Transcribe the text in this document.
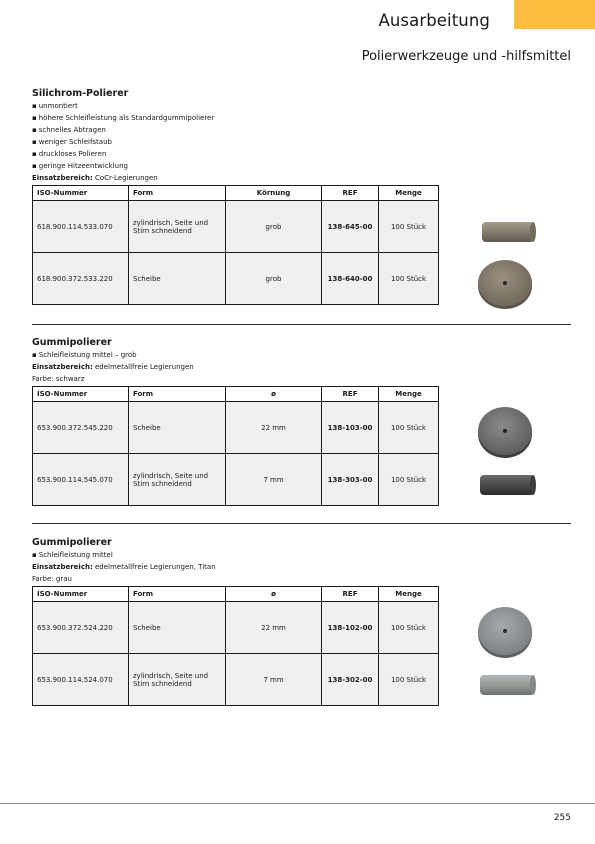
Ausarbeitung
Polierwerkzeuge und -hilfsmittel
Silichrom-Polierer
▪ unmontiert
▪ höhere Schleifleistung als Standardgummipolierer
▪ schnelles Abtragen
▪ weniger Schleifstaub
▪ druckloses Polieren
▪ geringe Hitzeentwicklung
Einsatzbereich: CoCr-Legierungen
ISO-Nummer	Form	Körnung	REF	Menge
618.900.114.533.070	zylindrisch, Seite und Stirn schneidend	grob	138-645-00	100 Stück
618.900.372.533.220	Scheibe	grob	138-640-00	100 Stück
Gummipolierer
▪ Schleifleistung mittel – grob
Einsatzbereich: edelmetallfreie Legierungen
Farbe: schwarz
ISO-Nummer	Form	ø	REF	Menge
653.900.372.545.220	Scheibe	22 mm	138-103-00	100 Stück
653.900.114.545.070	zylindrisch, Seite und Stirn schneidend	7 mm	138-303-00	100 Stück
Gummipolierer
▪ Schleifleistung mittel
Einsatzbereich: edelmetallfreie Legierungen, Titan
Farbe: grau
ISO-Nummer	Form	ø	REF	Menge
653.900.372.524.220	Scheibe	22 mm	138-102-00	100 Stück
653.900.114.524.070	zylindrisch, Seite und Stirn schneidend	7 mm	138-302-00	100 Stück
255
